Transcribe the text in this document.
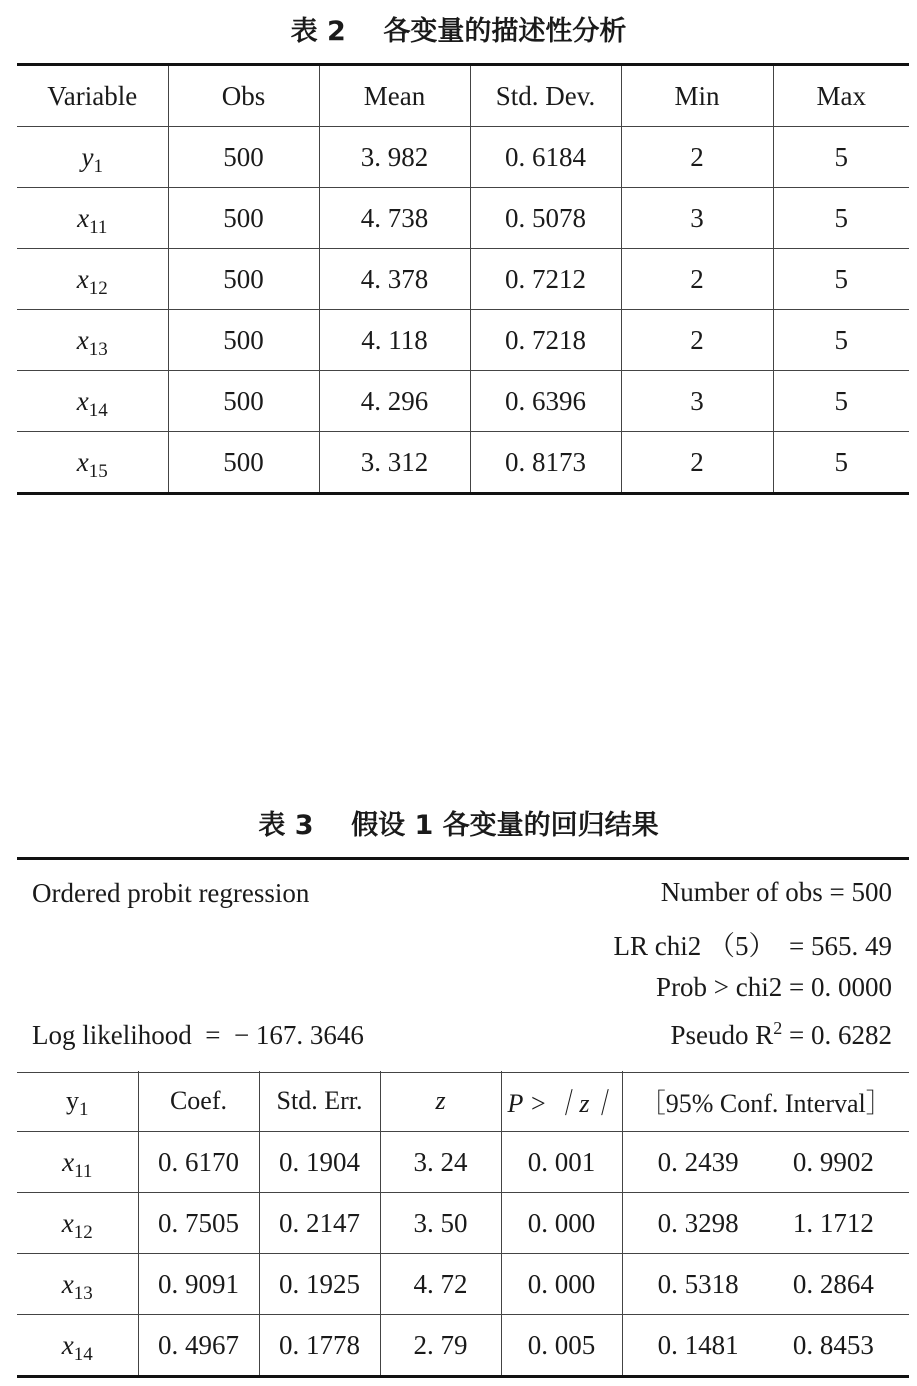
表 2    各变量的描述性分析
Variable	Obs	Mean	Std. Dev.	Min	Max
$y_1$	500	3. 982	0. 6184	2	5
$x_{11}$	500	4. 738	0. 5078	3	5
$x_{12}$	500	4. 378	0. 7212	2	5
$x_{13}$	500	4. 118	0. 7218	2	5
$x_{14}$	500	4. 296	0. 6396	3	5
$x_{15}$	500	3. 312	0. 8173	2	5
表 3    假设 1 各变量的回归结果
Ordered probit regression	Number of obs = 500
LR chi2 （5）  = 565. 49
Prob > chi2 = 0. 0000
Log likelihood  =  − 167. 3646	Pseudo $R^2 = 0$. 6282
$y_1$	Coef.	Std. Err.	z	P > ｜z｜	［95% Conf. Interval］
$x_{11}$	0. 6170	0. 1904	3. 24	0. 001	0. 2439 0. 9902

$x_{12}$	0. 7505	0. 2147	3. 50	0. 000	0. 3298 1. 1712

$x_{13}$	0. 9091	0. 1925	4. 72	0. 000	0. 5318 0. 2864

$x_{14}$	0. 4967	0. 1778	2. 79	0. 005	0. 1481 0. 8453
